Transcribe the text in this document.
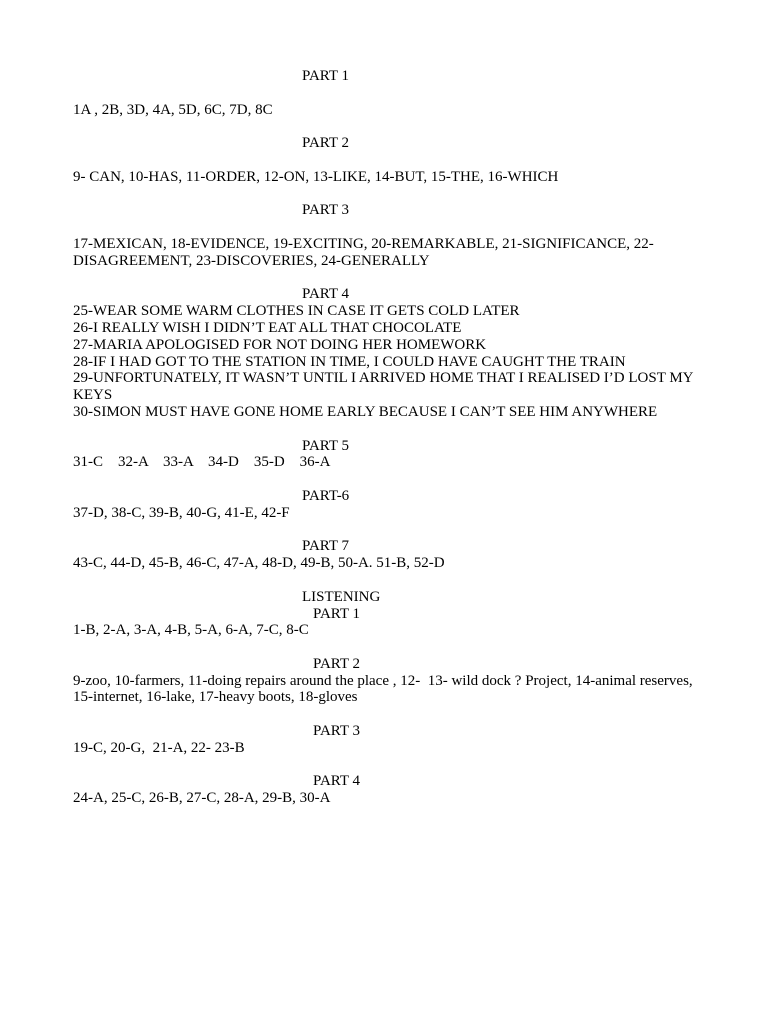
PART 1

1A , 2B, 3D, 4A, 5D, 6C, 7D, 8C

PART 2

9- CAN, 10-HAS, 11-ORDER, 12-ON, 13-LIKE, 14-BUT, 15-THE, 16-WHICH

PART 3

17-MEXICAN, 18-EVIDENCE, 19-EXCITING, 20-REMARKABLE, 21-SIGNIFICANCE, 22-DISAGREEMENT, 23-DISCOVERIES, 24-GENERALLY

PART 4

25-WEAR SOME WARM CLOTHES IN CASE IT GETS COLD LATER

26-I REALLY WISH I DIDN’T EAT ALL THAT CHOCOLATE

27-MARIA APOLOGISED FOR NOT DOING HER HOMEWORK

28-IF I HAD GOT TO THE STATION IN TIME, I COULD HAVE CAUGHT THE TRAIN

29-UNFORTUNATELY, IT WASN’T UNTIL I ARRIVED HOME THAT I REALISED I’D LOST MY KEYS

30-SIMON MUST HAVE GONE HOME EARLY BECAUSE I CAN’T SEE HIM ANYWHERE

PART 5

31-C    32-A    33-A    34-D    35-D    36-A

PART-6

37-D, 38-C, 39-B, 40-G, 41-E, 42-F

PART 7

43-C, 44-D, 45-B, 46-C, 47-A, 48-D, 49-B, 50-A. 51-B, 52-D

LISTENING
PART 1

1-B, 2-A, 3-A, 4-B, 5-A, 6-A, 7-C, 8-C

PART 2

9-zoo, 10-farmers, 11-doing repairs around the place , 12-  13- wild dock ? Project, 14-animal reserves, 15-internet, 16-lake, 17-heavy boots, 18-gloves

PART 3

19-C, 20-G,  21-A, 22- 23-B

PART 4

24-A, 25-C, 26-B, 27-C, 28-A, 29-B, 30-A
